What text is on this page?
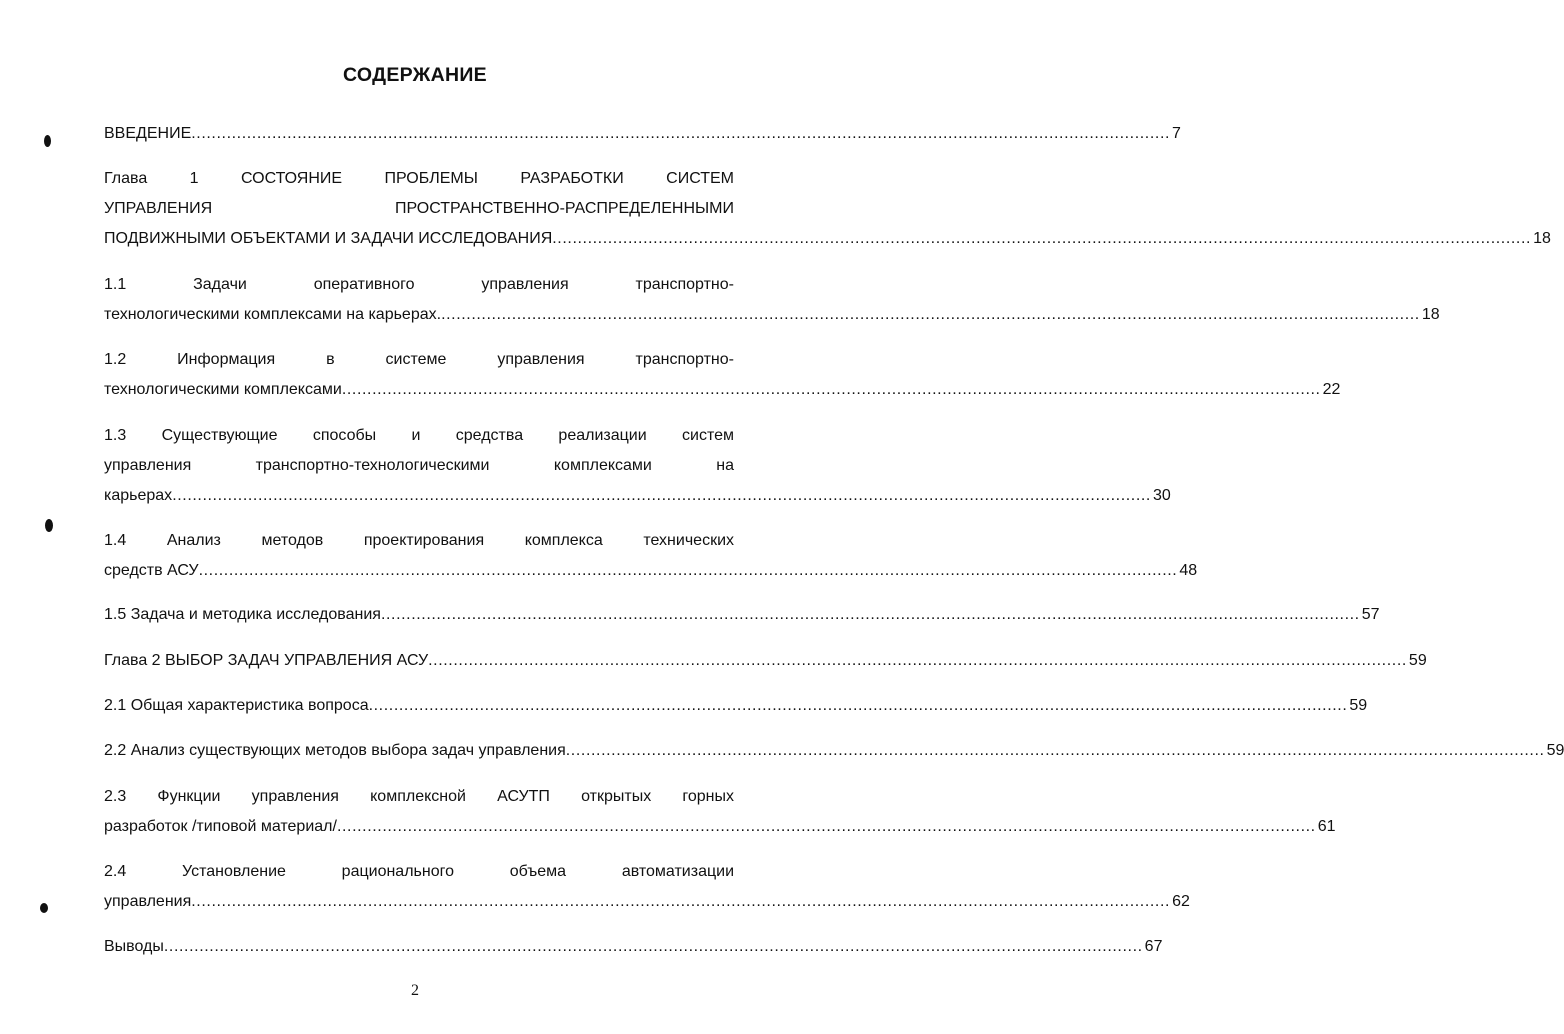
СОДЕРЖАНИЕ
ВВЕДЕНИЕ .................................................................................................................................................................................................. 7
Глава 1 СОСТОЯНИЕ ПРОБЛЕМЫ РАЗРАБОТКИ СИСТЕМ
УПРАВЛЕНИЯ ПРОСТРАНСТВЕННО-РАСПРЕДЕЛЕННЫМИ
ПОДВИЖНЫМИ ОБЪЕКТАМИ И ЗАДАЧИ ИССЛЕДОВАНИЯ .................................................................................................................................................................................................. 18
1.1 Задачи оперативного управления транспортно-
технологическими комплексами на карьерах. .................................................................................................................................................................................................. 18
1.2 Информация в системе управления транспортно-
технологическими комплексами .................................................................................................................................................................................................. 22
1.3 Существующие способы и средства реализации систем
управления транспортно-технологическими комплексами на
карьерах .................................................................................................................................................................................................. 30
1.4 Анализ методов проектирования комплекса технических
средств АСУ .................................................................................................................................................................................................. 48
1.5 Задача и методика исследования .................................................................................................................................................................................................. 57
Глава 2 ВЫБОР ЗАДАЧ УПРАВЛЕНИЯ АСУ .................................................................................................................................................................................................. 59
2.1 Общая характеристика вопроса .................................................................................................................................................................................................. 59
2.2 Анализ существующих методов выбора задач управления .................................................................................................................................................................................................. 59
2.3 Функции управления комплексной АСУТП открытых горных
разработок /типовой материал/ .................................................................................................................................................................................................. 61
2.4 Установление рационального объема автоматизации
управления .................................................................................................................................................................................................. 62
Выводы .................................................................................................................................................................................................. 67
2
